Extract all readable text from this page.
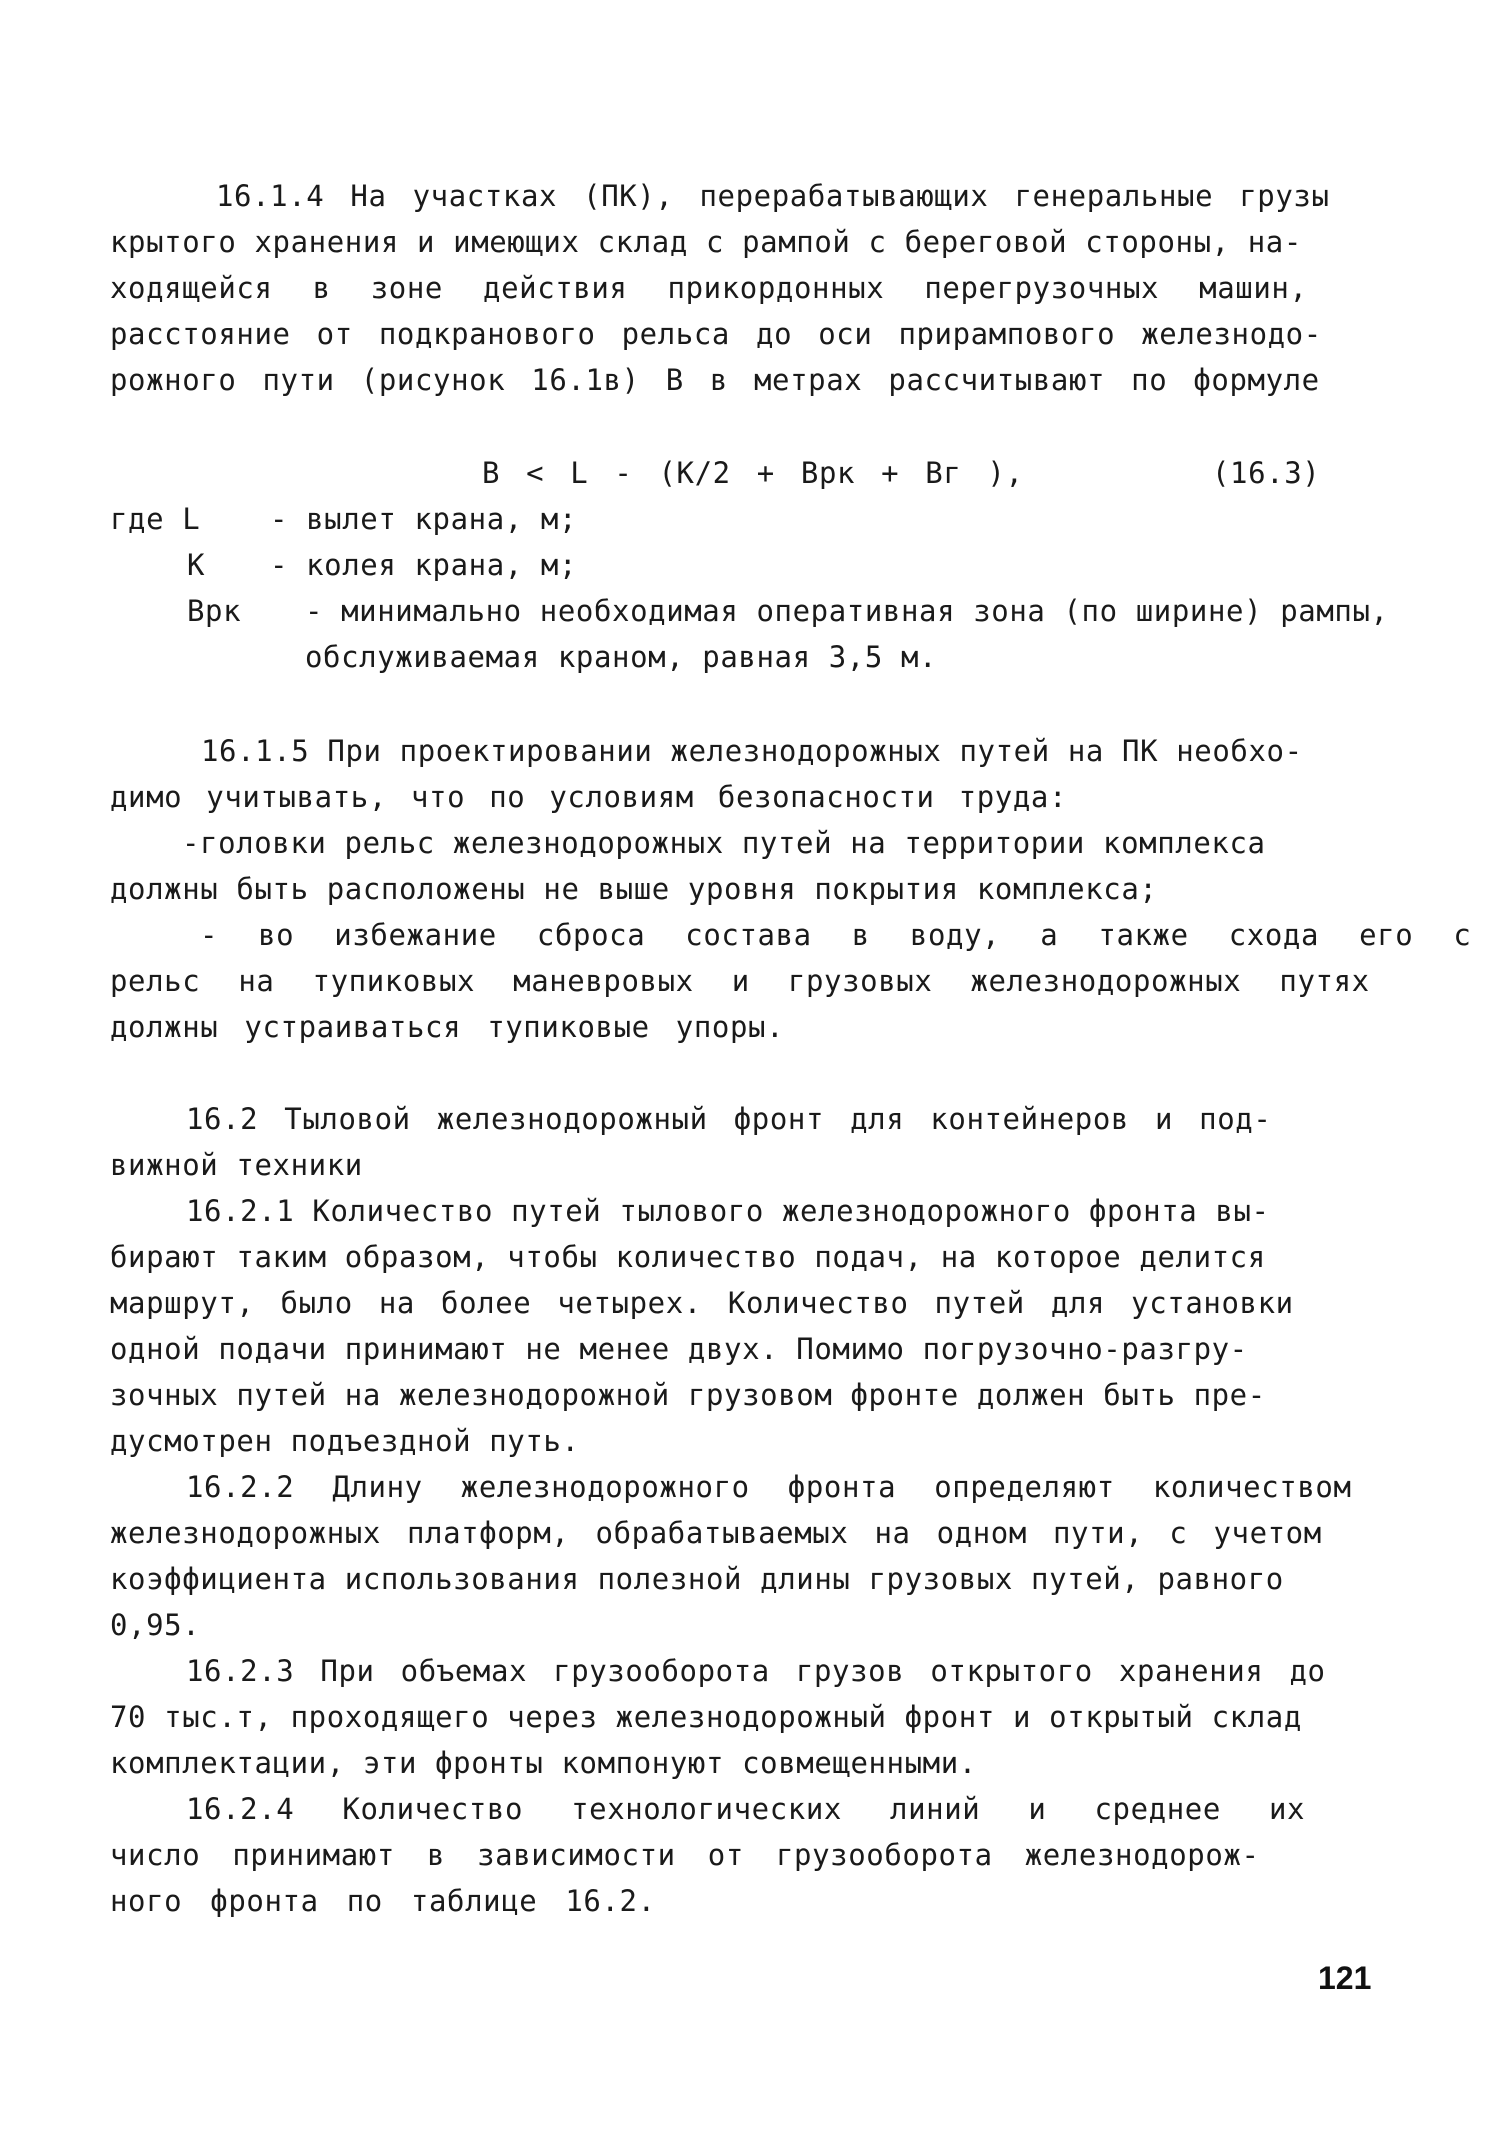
16.1.4 На участках (ПК), перерабатывающих генеральные грузы
крытого хранения и имеющих склад с рампой с береговой стороны, на-
ходящейся в зоне действия прикордонных перегрузочных машин,
расстояние от подкранового рельса до оси прирампового железнодо-
рожного пути (рисунок 16.1в) В в метрах рассчитывают по формуле
В < L - (К/2 + Врк + Вг ),	(16.3)
где L - вылет крана, м;
К - колея крана, м;
Врк - минимально необходимая оперативная зона (по ширине) рампы,
обслуживаемая краном, равная 3,5 м.
16.1.5 При проектировании железнодорожных путей на ПК необхо-
димо учитывать, что по условиям безопасности труда:
-головки рельс железнодорожных путей на территории комплекса
должны быть расположены не выше уровня покрытия комплекса;
- во избежание сброса состава в воду, а также схода его с
рельс на тупиковых маневровых и грузовых железнодорожных путях
должны устраиваться тупиковые упоры.
16.2 Тыловой железнодорожный фронт для контейнеров и под-
вижной техники
16.2.1 Количество путей тылового железнодорожного фронта вы-
бирают таким образом, чтобы количество подач, на которое делится
маршрут, было на более четырех. Количество путей для установки
одной подачи принимают не менее двух. Помимо погрузочно-разгру-
зочных путей на железнодорожной грузовом фронте должен быть пре-
дусмотрен подъездной путь.
16.2.2 Длину железнодорожного фронта определяют количеством
железнодорожных платформ, обрабатываемых на одном пути, с учетом
коэффициента использования полезной длины грузовых путей, равного
0,95.
16.2.3 При объемах грузооборота грузов открытого хранения до
70 тыс.т, проходящего через железнодорожный фронт и открытый склад
комплектации, эти фронты компонуют совмещенными.
16.2.4 Количество технологических линий и среднее их
число принимают в зависимости от грузооборота железнодорож-
ного фронта по таблице 16.2.
121
